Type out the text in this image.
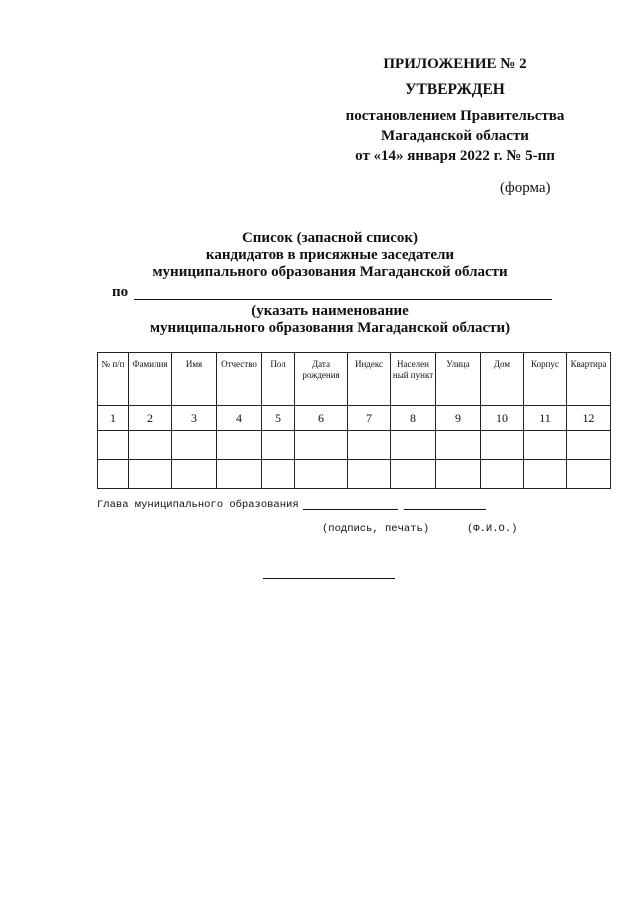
ПРИЛОЖЕНИЕ № 2
УТВЕРЖДЕН
постановлением Правительства
Магаданской области
от «14» января 2022 г. № 5-пп
(форма)
Список (запасной список)
кандидатов в присяжные заседатели
муниципального образования Магаданской области
по
(указать наименование
муниципального образования Магаданской области)
№ п/п	Фамилия	Имя	Отчество	Пол	Дата рождения	Индекс	Населен ный пункт	Улица	Дом	Корпус	Квартира
1	2	3	4	5	6	7	8	9	10	11	12

Глава муниципального образования
(подпись, печать)	(Ф.И.О.)
